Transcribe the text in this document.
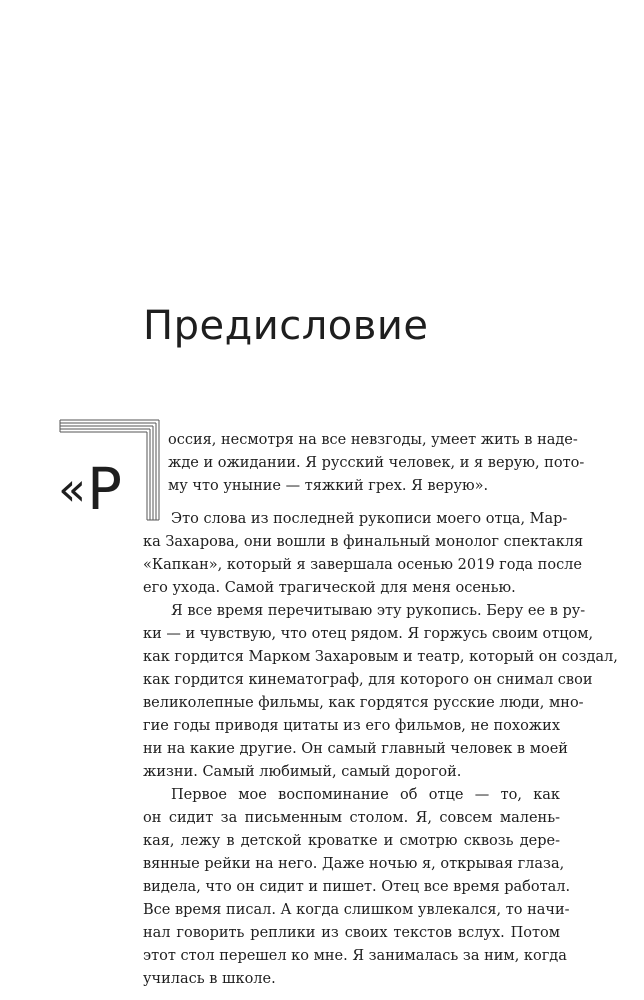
Предисловие
« Р
оссия, несмотря на все невзгоды, умеет жить в наде-
жде и ожидании. Я русский человек, и я верую, пото-
му что уныние — тяжкий грех. Я верую».
Это слова из последней рукописи моего отца, Мар-
ка Захарова, они вошли в финальный монолог спектакля
«Капкан», который я завершала осенью 2019 года после
его ухода. Самой трагической для меня осенью.
Я все время перечитываю эту рукопись. Беру ее в ру-
ки — и чувствую, что отец рядом. Я горжусь своим отцом,
как гордится Марком Захаровым и театр, который он создал,
как гордится кинематограф, для которого он снимал свои
великолепные фильмы, как гордятся русские люди, мно-
гие годы приводя цитаты из его фильмов, не похожих
ни на какие другие. Он самый главный человек в моей
жизни. Самый любимый, самый дорогой.
Первое мое воспоминание об отце — то, как
он сидит за письменным столом. Я, совсем малень-
кая, лежу в детской кроватке и смотрю сквозь дере-
вянные рейки на него. Даже ночью я, открывая глаза,
видела, что он сидит и пишет. Отец все время работал.
Все время писал. А когда слишком увлекался, то начи-
нал говорить реплики из своих текстов вслух. Потом
этот стол перешел ко мне. Я занималась за ним, когда
училась в школе.
